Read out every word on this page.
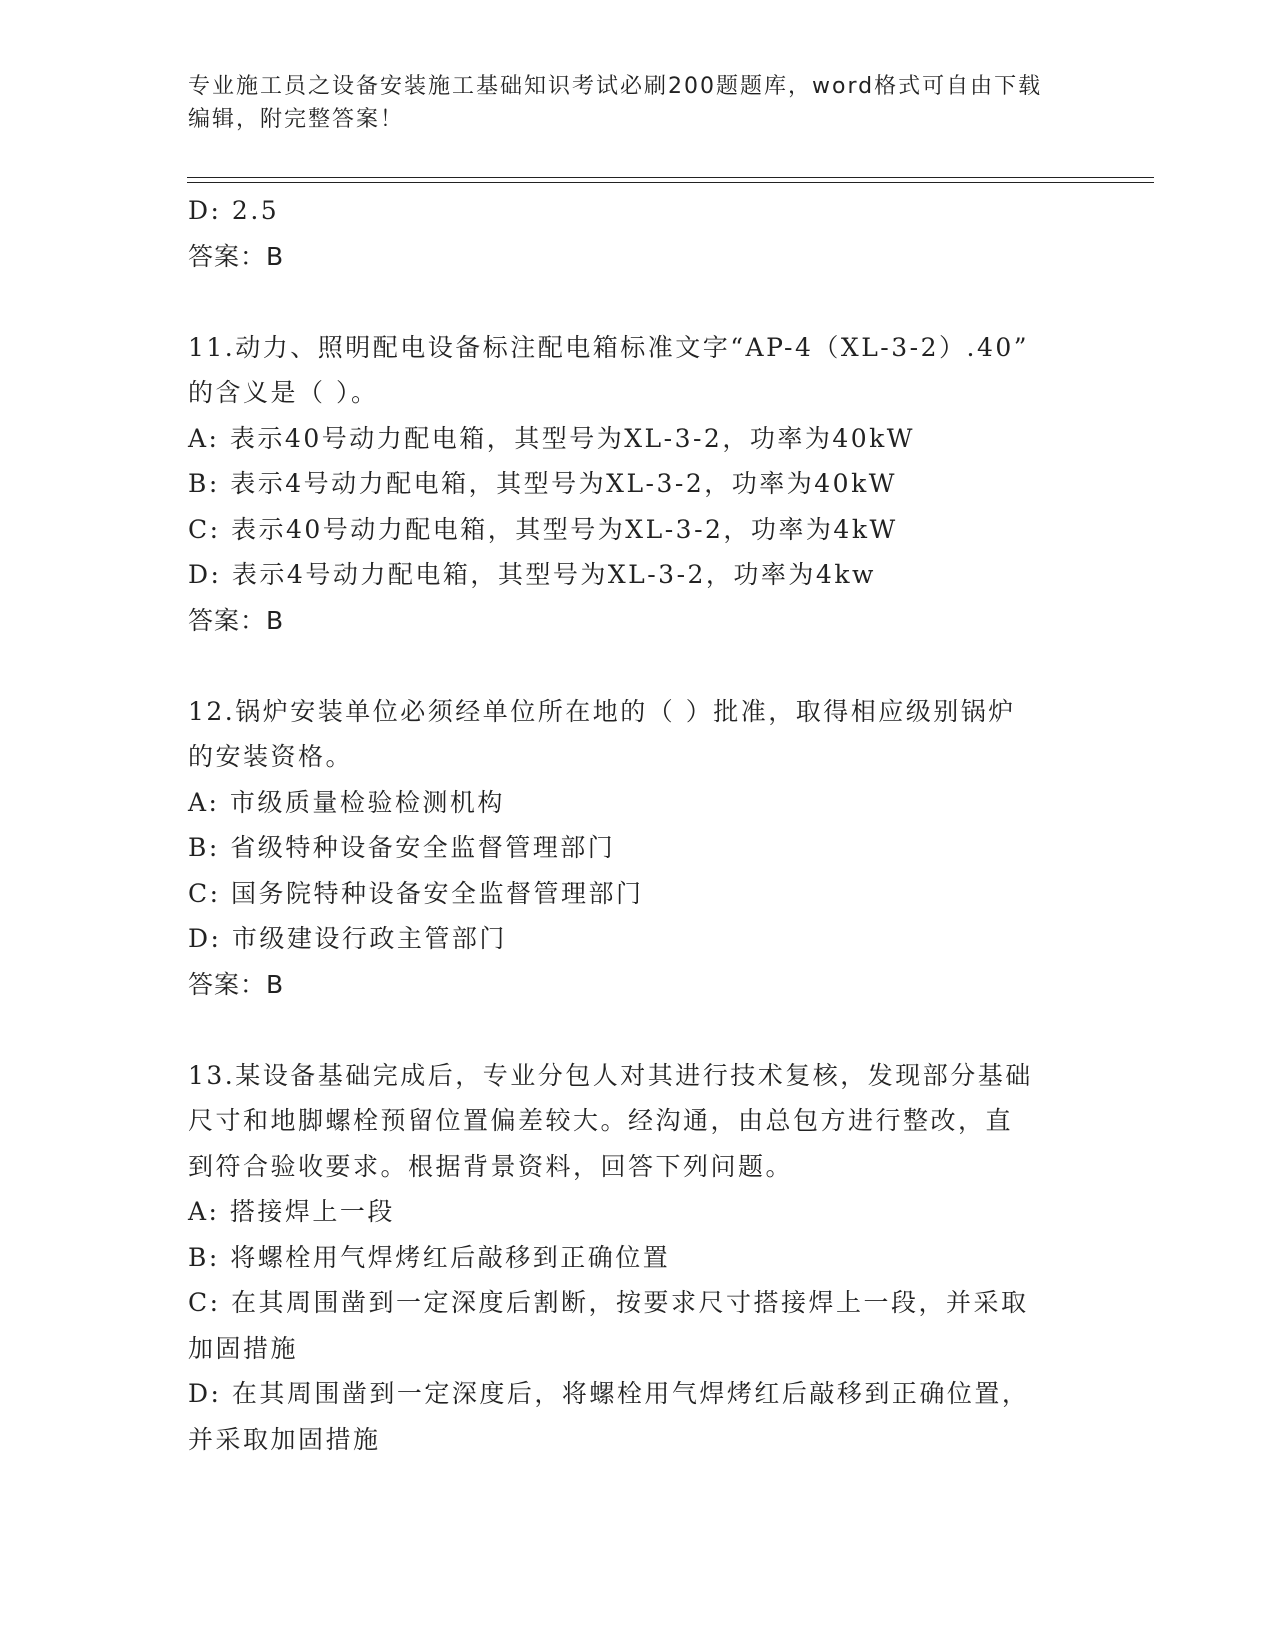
专业施工员之设备安装施工基础知识考试必刷200题题库，word格式可自由下载
编辑，附完整答案！
D: 2.5
答案：B
11.动力、照明配电设备标注配电箱标准文字“AP-4（XL-3-2）.40”
的含义是（ ）。
A: 表示40号动力配电箱，其型号为XL-3-2，功率为40kW
B: 表示4号动力配电箱，其型号为XL-3-2，功率为40kW
C: 表示40号动力配电箱，其型号为XL-3-2，功率为4kW
D: 表示4号动力配电箱，其型号为XL-3-2，功率为4kw
答案：B
12.锅炉安装单位必须经单位所在地的（ ）批准，取得相应级别锅炉
的安装资格。
A: 市级质量检验检测机构
B: 省级特种设备安全监督管理部门
C: 国务院特种设备安全监督管理部门
D: 市级建设行政主管部门
答案：B
13.某设备基础完成后，专业分包人对其进行技术复核，发现部分基础
尺寸和地脚螺栓预留位置偏差较大。经沟通，由总包方进行整改，直
到符合验收要求。根据背景资料，回答下列问题。
A: 搭接焊上一段
B: 将螺栓用气焊烤红后敲移到正确位置
C: 在其周围凿到一定深度后割断，按要求尺寸搭接焊上一段，并采取
加固措施
D: 在其周围凿到一定深度后，将螺栓用气焊烤红后敲移到正确位置，
并采取加固措施
